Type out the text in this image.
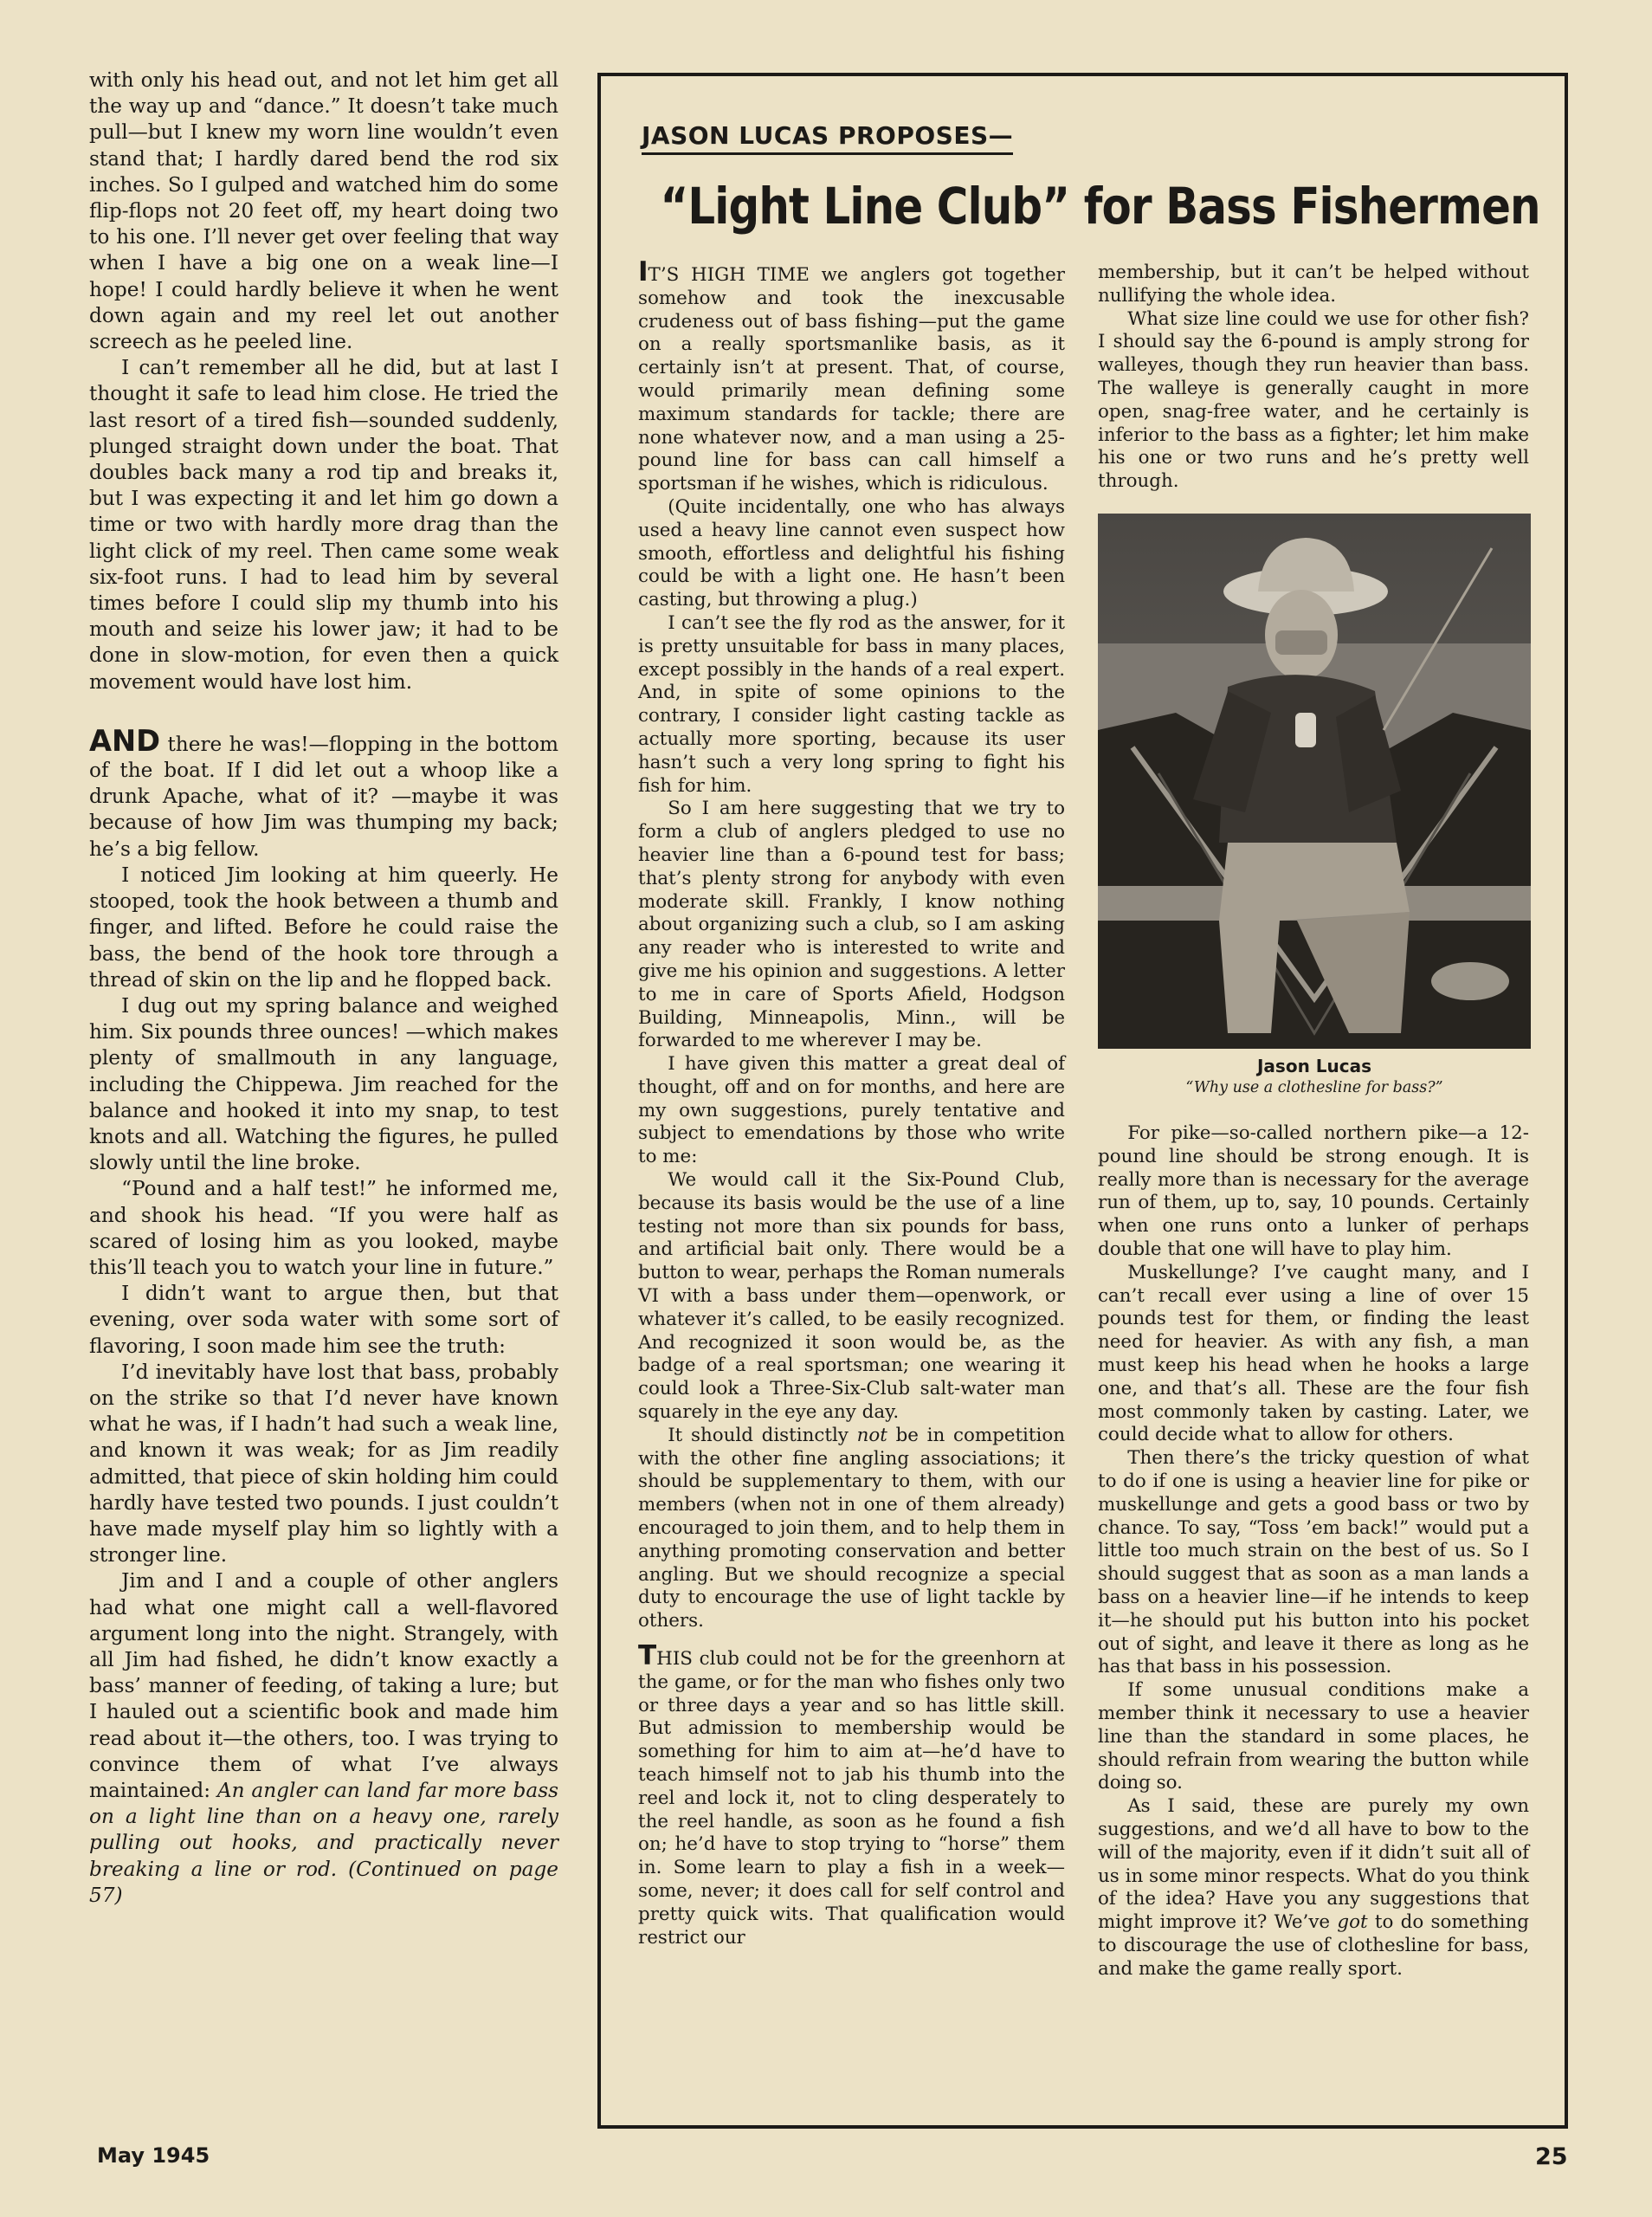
with only his head out, and not let him get all the way up and “dance.” It doesn’t take much pull—but I knew my worn line wouldn’t even stand that; I hardly dared bend the rod six inches. So I gulped and watched him do some flip-flops not 20 feet off, my heart doing two to his one. I’ll never get over feeling that way when I have a big one on a weak line—I hope! I could hardly believe it when he went down again and my reel let out another screech as he peeled line.

I can’t remember all he did, but at last I thought it safe to lead him close. He tried the last resort of a tired fish—sounded suddenly, plunged straight down under the boat. That doubles back many a rod tip and breaks it, but I was expecting it and let him go down a time or two with hardly more drag than the light click of my reel. Then came some weak six-foot runs. I had to lead him by several times before I could slip my thumb into his mouth and seize his lower jaw; it had to be done in slow-motion, for even then a quick movement would have lost him.

AND there he was!—flopping in the bottom of the boat. If I did let out a whoop like a drunk Apache, what of it? —maybe it was because of how Jim was thumping my back; he’s a big fellow.

I noticed Jim looking at him queerly. He stooped, took the hook between a thumb and finger, and lifted. Before he could raise the bass, the bend of the hook tore through a thread of skin on the lip and he flopped back.

I dug out my spring balance and weighed him. Six pounds three ounces! —which makes plenty of smallmouth in any language, including the Chippewa. Jim reached for the balance and hooked it into my snap, to test knots and all. Watching the figures, he pulled slowly until the line broke.

“Pound and a half test!” he informed me, and shook his head. “If you were half as scared of losing him as you looked, maybe this’ll teach you to watch your line in future.”

I didn’t want to argue then, but that evening, over soda water with some sort of flavoring, I soon made him see the truth:

I’d inevitably have lost that bass, probably on the strike so that I’d never have known what he was, if I hadn’t had such a weak line, and known it was weak; for as Jim readily admitted, that piece of skin holding him could hardly have tested two pounds. I just couldn’t have made myself play him so lightly with a stronger line.

Jim and I and a couple of other anglers had what one might call a well-flavored argument long into the night. Strangely, with all Jim had fished, he didn’t know exactly a bass’ manner of feeding, of taking a lure; but I hauled out a scientific book and made him read about it—the others, too. I was trying to convince them of what I’ve always maintained: An angler can land far more bass on a light line than on a heavy one, rarely pulling out hooks, and practically never breaking a line or rod. (Continued on page 57)

JASON LUCAS PROPOSES—
“Light Line Club” for Bass Fishermen

IT’S HIGH TIME we anglers got together somehow and took the inexcusable crudeness out of bass fishing—put the game on a really sportsmanlike basis, as it certainly isn’t at present. That, of course, would primarily mean defining some maximum standards for tackle; there are none whatever now, and a man using a 25-pound line for bass can call himself a sportsman if he wishes, which is ridiculous.

(Quite incidentally, one who has always used a heavy line cannot even suspect how smooth, effortless and delightful his fishing could be with a light one. He hasn’t been casting, but throwing a plug.)

I can’t see the fly rod as the answer, for it is pretty unsuitable for bass in many places, except possibly in the hands of a real expert. And, in spite of some opinions to the contrary, I consider light casting tackle as actually more sporting, because its user hasn’t such a very long spring to fight his fish for him.

So I am here suggesting that we try to form a club of anglers pledged to use no heavier line than a 6-pound test for bass; that’s plenty strong for anybody with even moderate skill. Frankly, I know nothing about organizing such a club, so I am asking any reader who is interested to write and give me his opinion and suggestions. A letter to me in care of Sports Afield, Hodgson Building, Minneapolis, Minn., will be forwarded to me wherever I may be.

I have given this matter a great deal of thought, off and on for months, and here are my own suggestions, purely tentative and subject to emendations by those who write to me:

We would call it the Six-Pound Club, because its basis would be the use of a line testing not more than six pounds for bass, and artificial bait only. There would be a button to wear, perhaps the Roman numerals VI with a bass under them—openwork, or whatever it’s called, to be easily recognized. And recognized it soon would be, as the badge of a real sportsman; one wearing it could look a Three-Six-Club salt-water man squarely in the eye any day.

It should distinctly not be in competition with the other fine angling associations; it should be supplementary to them, with our members (when not in one of them already) encouraged to join them, and to help them in anything promoting conservation and better angling. But we should recognize a special duty to encourage the use of light tackle by others.

THIS club could not be for the greenhorn at the game, or for the man who fishes only two or three days a year and so has little skill. But admission to membership would be something for him to aim at—he’d have to teach himself not to jab his thumb into the reel and lock it, not to cling desperately to the reel handle, as soon as he found a fish on; he’d have to stop trying to “horse” them in. Some learn to play a fish in a week—some, never; it does call for self control and pretty quick wits. That qualification would restrict our

membership, but it can’t be helped without nullifying the whole idea.

What size line could we use for other fish? I should say the 6-pound is amply strong for walleyes, though they run heavier than bass. The walleye is generally caught in more open, snag-free water, and he certainly is inferior to the bass as a fighter; let him make his one or two runs and he’s pretty well through.

Jason Lucas
“Why use a clothesline for bass?”

For pike—so-called northern pike—a 12-pound line should be strong enough. It is really more than is necessary for the average run of them, up to, say, 10 pounds. Certainly when one runs onto a lunker of perhaps double that one will have to play him.

Muskellunge? I’ve caught many, and I can’t recall ever using a line of over 15 pounds test for them, or finding the least need for heavier. As with any fish, a man must keep his head when he hooks a large one, and that’s all. These are the four fish most commonly taken by casting. Later, we could decide what to allow for others.

Then there’s the tricky question of what to do if one is using a heavier line for pike or muskellunge and gets a good bass or two by chance. To say, “Toss ’em back!” would put a little too much strain on the best of us. So I should suggest that as soon as a man lands a bass on a heavier line—if he intends to keep it—he should put his button into his pocket out of sight, and leave it there as long as he has that bass in his possession.

If some unusual conditions make a member think it necessary to use a heavier line than the standard in some places, he should refrain from wearing the button while doing so.

As I said, these are purely my own suggestions, and we’d all have to bow to the will of the majority, even if it didn’t suit all of us in some minor respects. What do you think of the idea? Have you any suggestions that might improve it? We’ve got to do something to discourage the use of clothesline for bass, and make the game really sport.

May 1945	25
